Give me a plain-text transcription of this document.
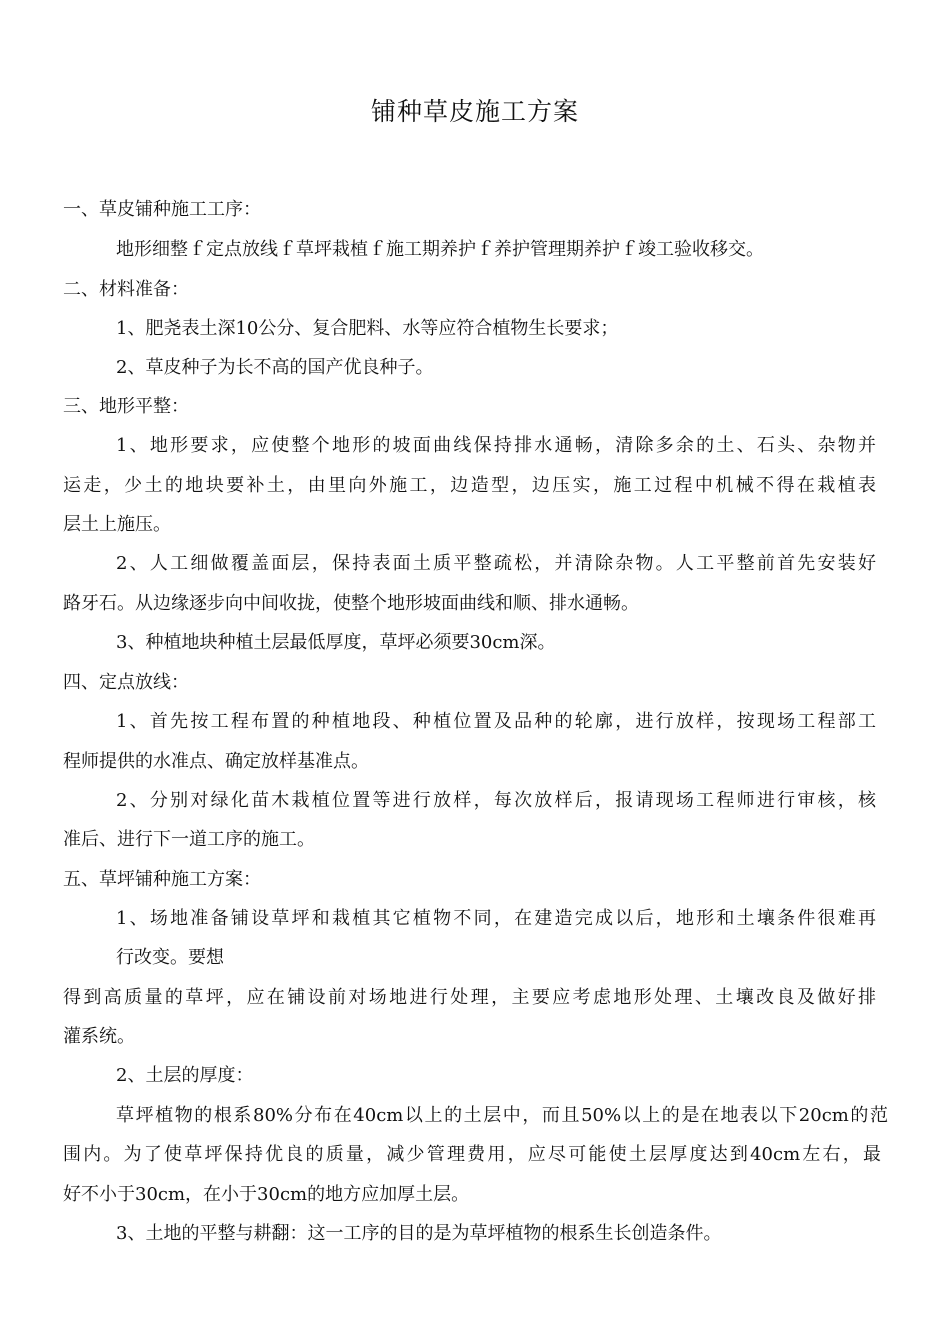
铺种草皮施工方案
一、草皮铺种施工工序：
地形细整ｆ定点放线ｆ草坪栽植ｆ施工期养护ｆ养护管理期养护ｆ竣工验收移交。
二、材料准备：
1、肥尧表土深10公分、复合肥料、水等应符合植物生长要求；
2、草皮种子为长不高的国产优良种子。
三、地形平整：
1、地形要求，应使整个地形的坡面曲线保持排水通畅，清除多余的土、石头、杂物并
运走，少土的地块要补土，由里向外施工，边造型，边压实，施工过程中机械不得在栽植表
层土上施压。
2、人工细做覆盖面层，保持表面土质平整疏松，并清除杂物。人工平整前首先安装好
路牙石。从边缘逐步向中间收拢，使整个地形坡面曲线和顺、排水通畅。
3、种植地块种植土层最低厚度，草坪必须要30cm深。
四、定点放线：
1、首先按工程布置的种植地段、种植位置及品种的轮廓，进行放样，按现场工程部工
程师提供的水准点、确定放样基准点。
2、分别对绿化苗木栽植位置等进行放样，每次放样后，报请现场工程师进行审核，核
准后、进行下一道工序的施工。
五、草坪铺种施工方案：
1、场地准备铺设草坪和栽植其它植物不同，在建造完成以后，地形和土壤条件很难再
行改变。要想
得到高质量的草坪，应在铺设前对场地进行处理，主要应考虑地形处理、土壤改良及做好排
灌系统。
2、土层的厚度：
草坪植物的根系80%分布在40cm以上的土层中，而且50%以上的是在地表以下20cm的范
围内。为了使草坪保持优良的质量，减少管理费用，应尽可能使土层厚度达到40cm左右，最
好不小于30cm，在小于30cm的地方应加厚土层。
3、土地的平整与耕翻：这一工序的目的是为草坪植物的根系生长创造条件。
